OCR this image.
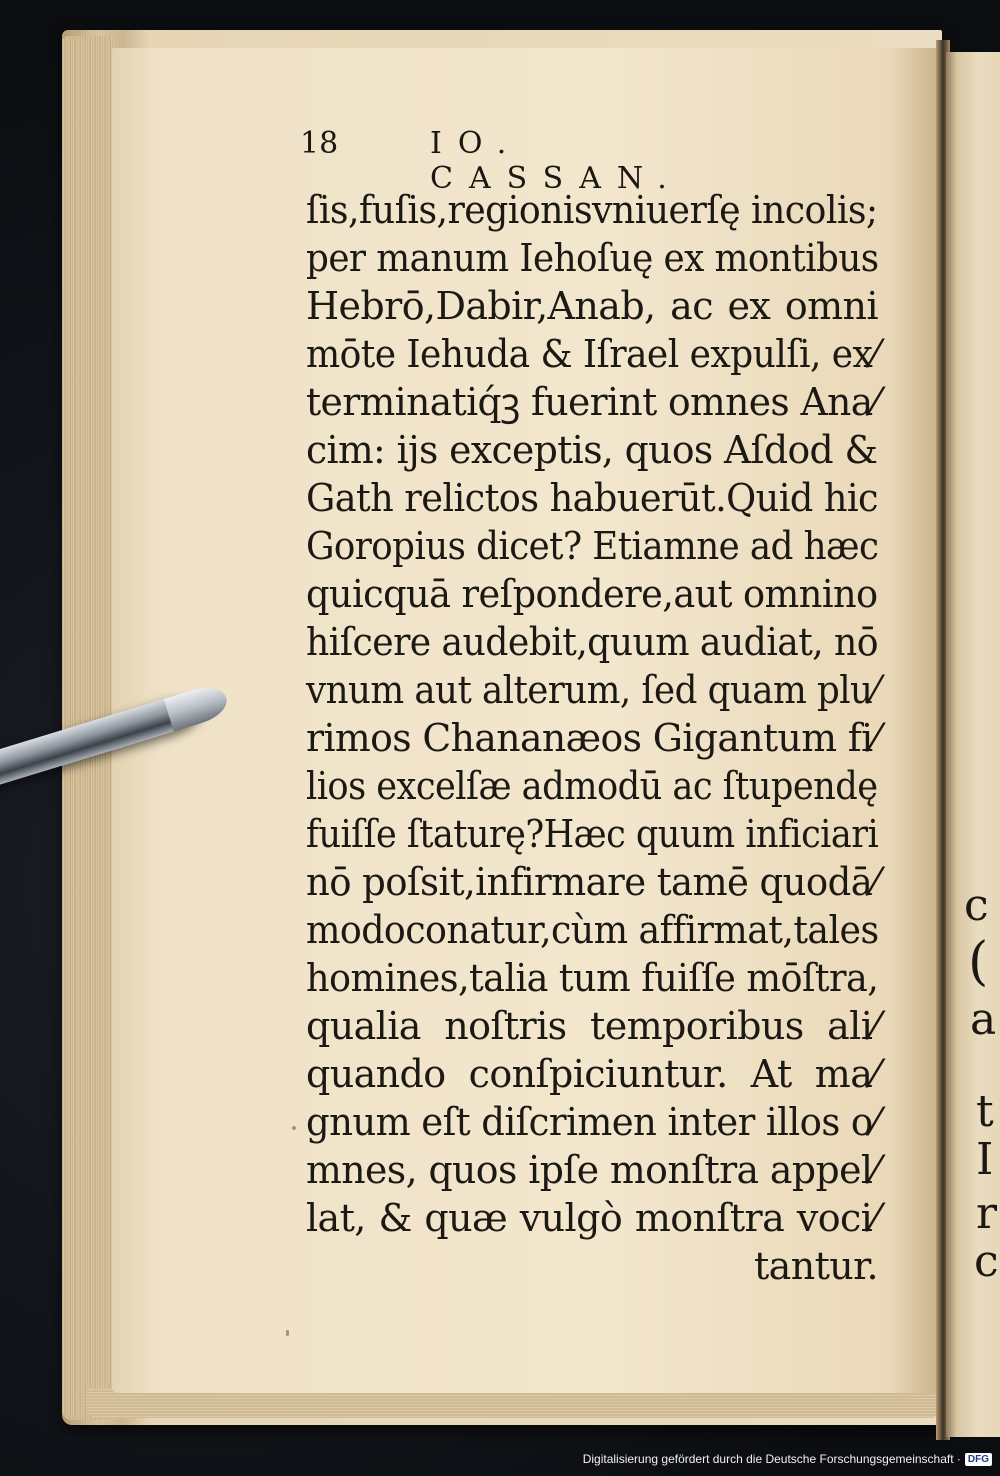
c
(
a
t
I
r
c
18	IO. CASSAN.
ſis,fuſis,regionisvniuerſę incolis;
per manum Iehoſuę ex montibus
Hebrō,Dabir,Anab, ac ex omni
mōte Iehuda & Iſrael expulſi, ex⁄
terminatiq́ꝫ fuerint omnes Ana⁄
cim: ijs exceptis, quos Aſdod &
Gath relictos habuerūt.Quid hic
Goropius dicet? Etiamne ad hæc
quicquā reſpondere,aut omnino
hiſcere audebit,quum audiat, nō
vnum aut alterum, ſed quam plu⁄
rimos Chananæos Gigantum fi⁄
lios excelſæ admodū ac ſtupendę
fuiſſe ſtaturę?Hæc quum inficiari
nō poſsit,infirmare tamē quodā⁄
modoconatur,cùm affirmat,tales
homines,talia tum fuiſſe mōſtra,
qualia noſtris temporibus ali⁄
quando conſpiciuntur. At ma⁄
gnum eſt diſcrimen inter illos o⁄
mnes, quos ipſe monſtra appel⁄
lat, & quæ vulgò monſtra voci⁄
tantur.
Digitalisierung gefördert durch die Deutsche Forschungsgemeinschaft · DFG
